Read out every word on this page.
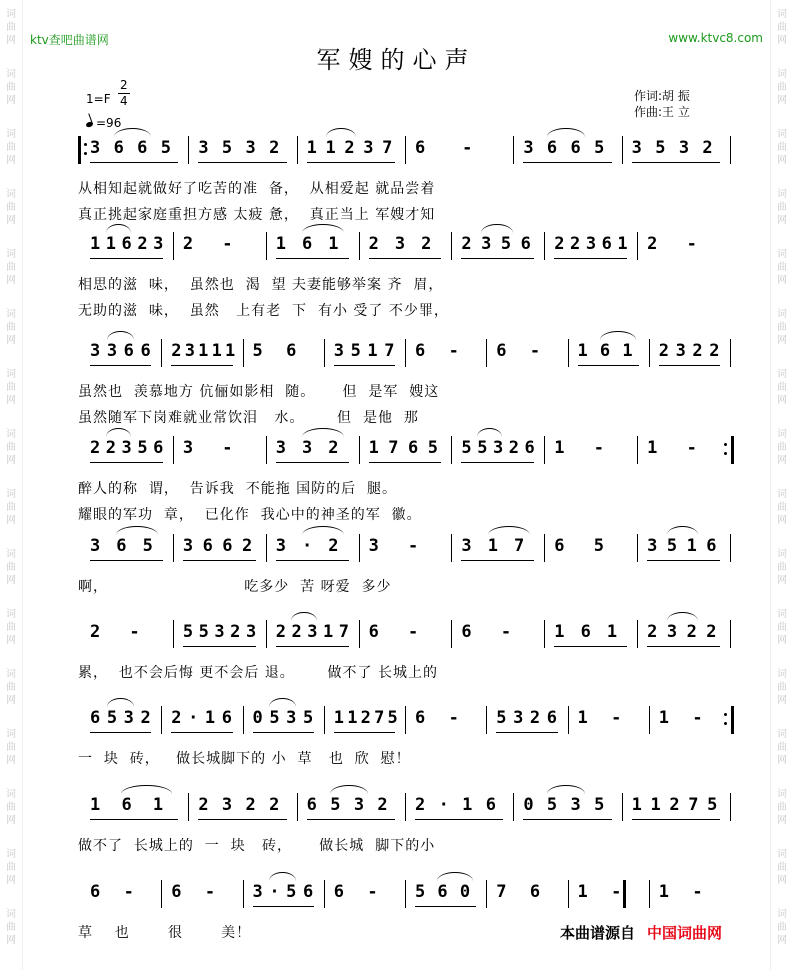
词
曲
网
词
曲
网
词
曲
网
词
曲
网
词
曲
网
词
曲
网
词
曲
网
词
曲
网
词
曲
网
词
曲
网
词
曲
网
词
曲
网
词
曲
网
词
曲
网
词
曲
网
词
曲
网
词
曲
网
词
曲
网
词
曲
网
词
曲
网
词
曲
网
词
曲
网
词
曲
网
词
曲
网
词
曲
网
词
曲
网
词
曲
网
词
曲
网
词
曲
网
词
曲
网
词
曲
网
词
曲
网
ktv查吧曲谱网	www.ktvc8.com
军嫂的心声
$1=F \frac{2}{4}$
=96
作词:胡 振
作曲:王 立
3 6 6 5 3 5 3 2 1 1 2 3 7 6 -	3 6 6 5 3 5 3 2
从相知起就做好了吃苦的准  备，  从相爱起 就品尝着
真正挑起家庭重担方感 太疲 惫，  真正当上 军嫂才知
1 1 6 2 3 2 -	1 6 1 2 3 2 2 3 5 6 2 2 3 6 1 2 -
相思的滋  味，  虽然也  渴  望 夫妻能够举案 齐  眉，
无助的滋  味，  虽然   上有老  下  有小 受了 不少罪，
3 3 6 6 2 3 1 1 1 5 6 3 5 1 7 6 - 6 - 1 6 1 2 3 2 2
虽然也  羡慕地方 伉俪如影相  随。     但  是军  嫂这
虽然随军下岗难就业常饮泪   水。      但  是他  那
2 2 3 5 6 3 -	3 3 2 1 7 6 5 5 5 3 2 6 1 -	1 -
醉人的称  谓，  告诉我  不能拖 国防的后  腿。
耀眼的军功  章，  已化作  我心中的神圣的军  徽。
3 6 5 3 6 6 2 3 · 2 3 -	3 1 7 6 5	3 5 1 6
啊，                         吃多少  苦 呀爱  多少
2 -	5 5 3 2 3 2 2 3 1 7 6 -	6 -	1 6 1 2 3 2 2
累，  也不会后悔 更不会后 退。      做不了 长城上的
6 5 3 2 2 · 1 6 0 5 3 5 1 1 2 7 5 6 - 5 3 2 6 1 - 1 -
一  块  砖，   做长城脚下的 小  草   也  欣  慰！
1 6 1 2 3 2 2 6 5 3 2 2 · 1 6 0 5 3 5 1 1 2 7 5
做不了  长城上的  一  块   砖，     做长城  脚下的小
6 - 6 - 3 · 5 6 6 - 5 6 0 7 6 1 - 1 -
草    也       很       美！	本曲谱源自 中国词曲网
